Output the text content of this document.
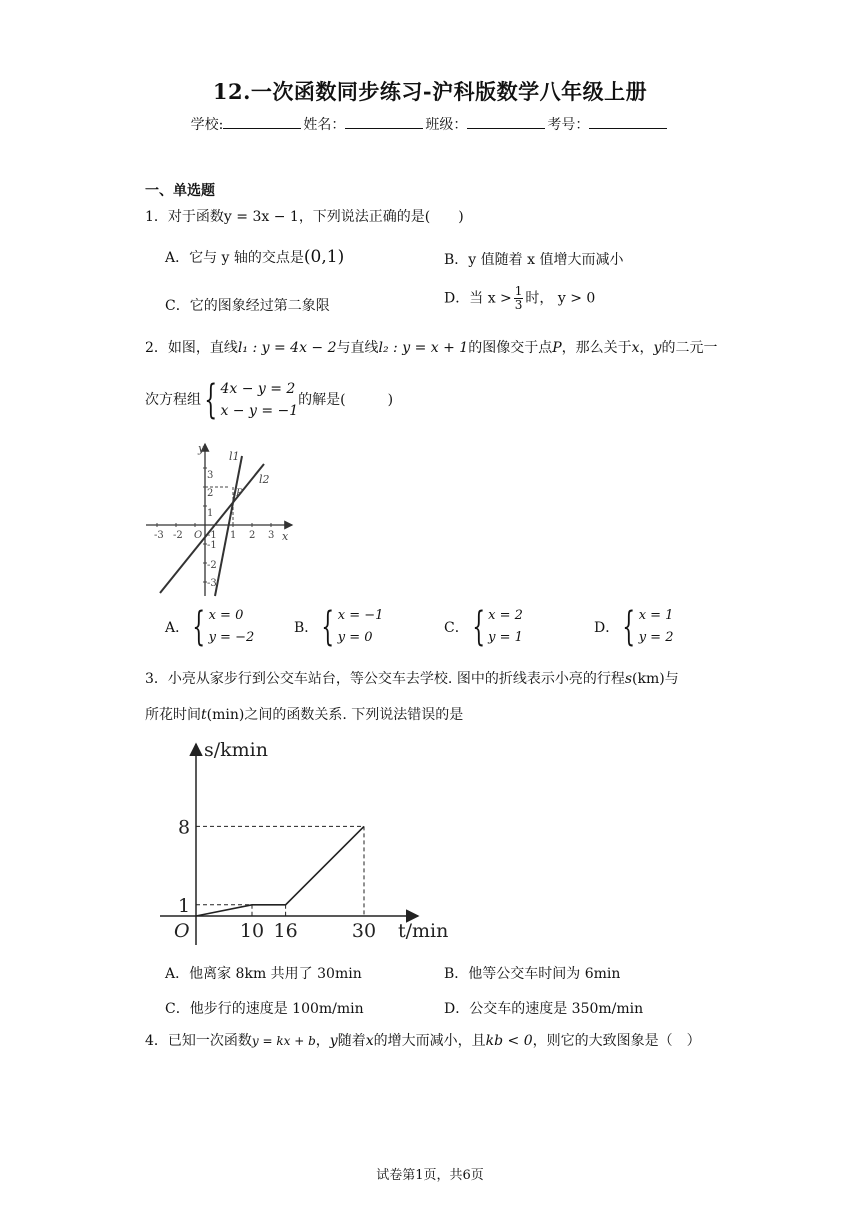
12.一次函数同步练习-沪科版数学八年级上册
学校:	姓名：	班级：	考号：
一、单选题
1．对于函数y = 3x − 1，下列说法正确的是(　　)
A．它与 y 轴的交点是(0,1)	B．y 值随着 x 值增大而减小
C．它的图象经过第二象限	D．当 $x > \frac{1}{3}$ 时， y > 0
2．如图，直线l₁ : y = 4x − 2与直线l₂ : y = x + 1的图像交于点P，那么关于x，y的二元一
次方程组{ 4x − y = 2
x − y = −1
的解是(　　　)
x
y
O
-3 -2 -1 1 2 3
3
2
1
-1
-2
-3
l1
l2
P
A．{ x = 0
y = −2
B．{ x = −1
y = 0
C．{ x = 2
y = 1
D．{ x = 1
y = 2
3．小亮从家步行到公交车站台，等公交车去学校. 图中的折线表示小亮的行程s(km)与
所花时间t(min)之间的函数关系. 下列说法错误的是
s/kmin
t/min
O
1
8
10 16	30
A．他离家 8km 共用了 30min	B．他等公交车时间为 6min
C．他步行的速度是 100m/min	D．公交车的速度是 350m/min
4．已知一次函数y = kx + b，y随着x的增大而减小，且kb < 0，则它的大致图象是（　）
试卷第1页，共6页
